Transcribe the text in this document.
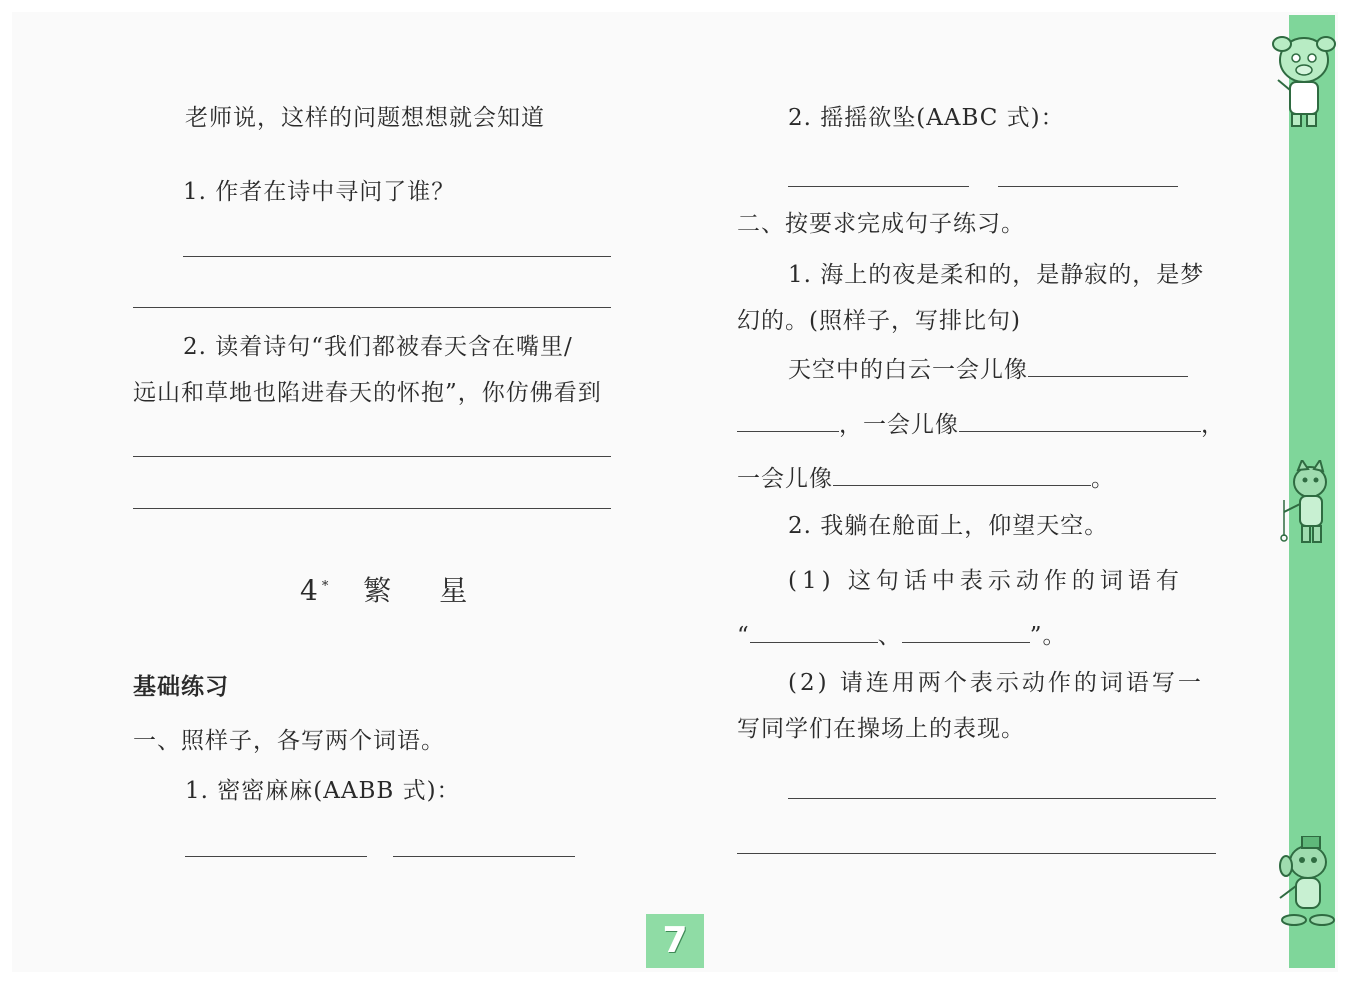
老师说，这样的问题想想就会知道
1. 作者在诗中寻问了谁？
2. 读着诗句“我们都被春天含在嘴里/
远山和草地也陷进春天的怀抱”，你仿佛看到
4 * 繁　星
基础练习
一、照样子，各写两个词语。
1. 密密麻麻(AABB 式)：
2. 摇摇欲坠(AABC 式)：
二、按要求完成句子练习。
1. 海上的夜是柔和的，是静寂的，是梦
幻的。(照样子，写排比句)
天空中的白云一会儿像
，一会儿像	，
一会儿像	。
2. 我躺在舱面上，仰望天空。
(1) 这句话中表示动作的词语有
“	、	”。
(2) 请连用两个表示动作的词语写一
写同学们在操场上的表现。
7
